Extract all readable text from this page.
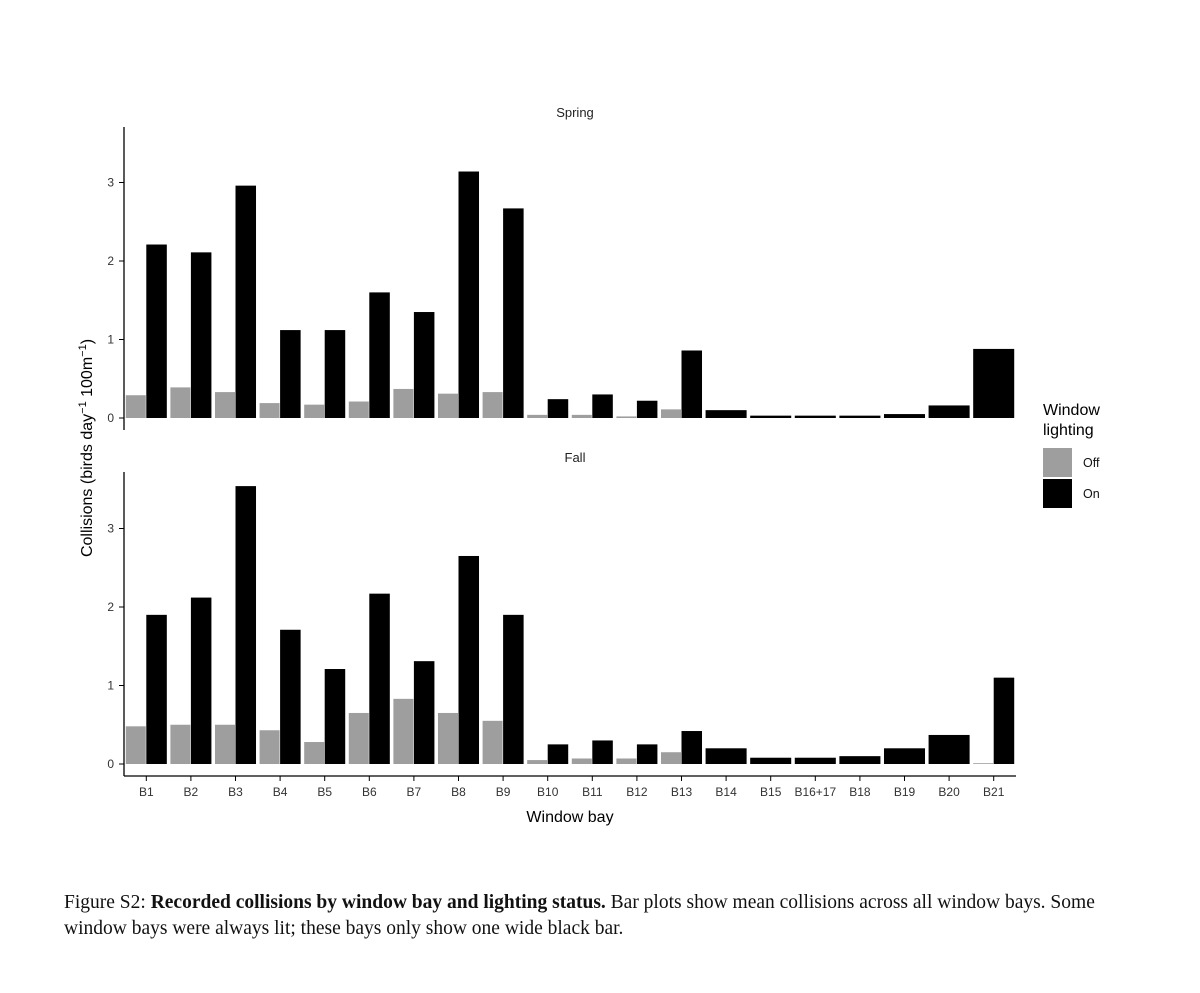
Spring
0
1
2
3
Fall
0
1
2
3
B1 B2 B3 B4 B5 B6 B7 B8 B9 B10 B11 B12 B13 B14 B15 B16+17 B18 B19 B20 B21
Window bay
Collisions (birds day$^{-1}$ $100m^{-1}$)
Window
lighting
Off
On
Figure S2: Recorded collisions by window bay and lighting status. Bar plots show mean collisions across all window bays. Some window bays were always lit; these bays only show one wide black bar.
